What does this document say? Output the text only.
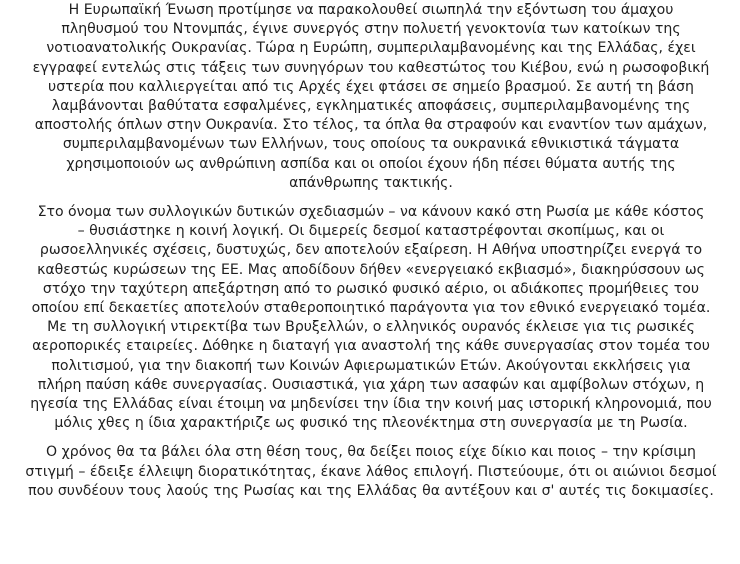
Η Ευρωπαϊκή Ένωση προτίμησε να παρακολουθεί σιωπηλά την εξόντωση του άμαχου
πληθυσμού του Ντονμπάς, έγινε συνεργός στην πολυετή γενοκτονία των κατοίκων της
νοτιοανατολικής Ουκρανίας. Τώρα η Ευρώπη, συμπεριλαμβανομένης και της Ελλάδας, έχει
εγγραφεί εντελώς στις τάξεις των συνηγόρων του καθεστώτος του Κιέβου, ενώ η ρωσοφοβική
υστερία που καλλιεργείται από τις Αρχές έχει φτάσει σε σημείο βρασμού. Σε αυτή τη βάση
λαμβάνονται βαθύτατα εσφαλμένες, εγκληματικές αποφάσεις, συμπεριλαμβανομένης της
αποστολής όπλων στην Ουκρανία. Στο τέλος, τα όπλα θα στραφούν και εναντίον των αμάχων,
συμπεριλαμβανομένων των Ελλήνων, τους οποίους τα ουκρανικά εθνικιστικά τάγματα
χρησιμοποιούν ως ανθρώπινη ασπίδα και οι οποίοι έχουν ήδη πέσει θύματα αυτής της
απάνθρωπης τακτικής.

Στο όνομα των συλλογικών δυτικών σχεδιασμών – να κάνουν κακό στη Ρωσία με κάθε κόστος
– θυσιάστηκε η κοινή λογική. Οι διμερείς δεσμοί καταστρέφονται σκοπίμως, και οι
ρωσοελληνικές σχέσεις, δυστυχώς, δεν αποτελούν εξαίρεση. Η Αθήνα υποστηρίζει ενεργά το
καθεστώς κυρώσεων της ΕΕ. Μας αποδίδουν δήθεν «ενεργειακό εκβιασμό», διακηρύσσουν ως
στόχο την ταχύτερη απεξάρτηση από το ρωσικό φυσικό αέριο, οι αδιάκοπες προμήθειες του
οποίου επί δεκαετίες αποτελούν σταθεροποιητικό παράγοντα για τον εθνικό ενεργειακό τομέα.
Με τη συλλογική ντιρεκτίβα των Βρυξελλών, ο ελληνικός ουρανός έκλεισε για τις ρωσικές
αεροπορικές εταιρείες. Δόθηκε η διαταγή για αναστολή της κάθε συνεργασίας στον τομέα του
πολιτισμού, για την διακοπή των Κοινών Αφιερωματικών Ετών. Ακούγονται εκκλήσεις για
πλήρη παύση κάθε συνεργασίας. Ουσιαστικά, για χάρη των ασαφών και αμφίβολων στόχων, η
ηγεσία της Ελλάδας είναι έτοιμη να μηδενίσει την ίδια την κοινή μας ιστορική κληρονομιά, που
μόλις χθες η ίδια χαρακτήριζε ως φυσικό της πλεονέκτημα στη συνεργασία με τη Ρωσία.

Ο χρόνος θα τα βάλει όλα στη θέση τους, θα δείξει ποιος είχε δίκιο και ποιος – την κρίσιμη
στιγμή – έδειξε έλλειψη διορατικότητας, έκανε λάθος επιλογή. Πιστεύουμε, ότι οι αιώνιοι δεσμοί
που συνδέουν τους λαούς της Ρωσίας και της Ελλάδας θα αντέξουν και σ' αυτές τις δοκιμασίες.
